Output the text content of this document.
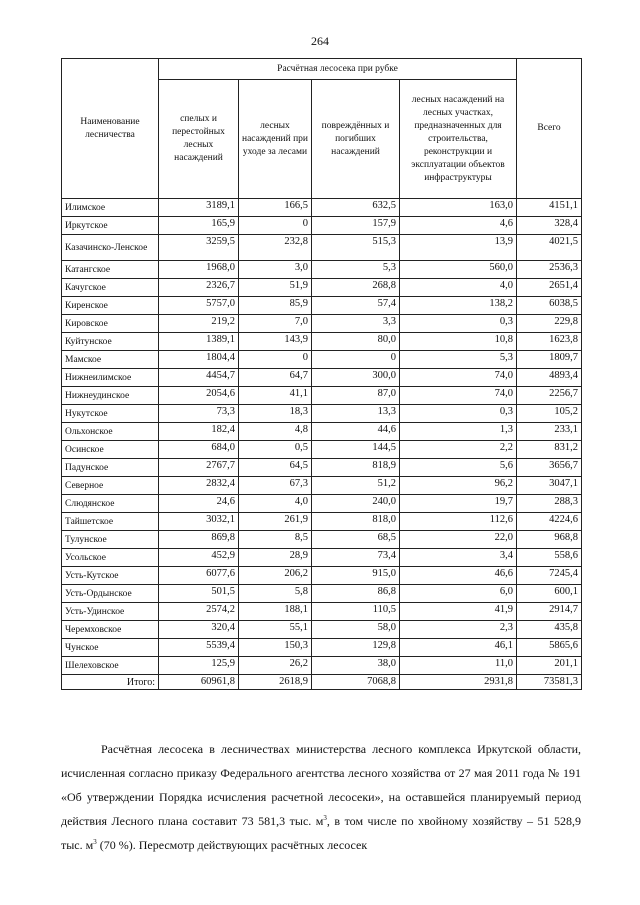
264
Наименование лесничества	Расчётная лесосека при рубке				Всего
	спелых и перестойных лесных насаждений	лесных насаждений при уходе за лесами	повреждённых и погибших насаждений	лесных насаждений на лесных участках, предназначенных для строительства, реконструкции и эксплуатации объектов инфраструктуры	
Илимское	3189,1	166,5	632,5	163,0	4151,1
Иркутское	165,9	0	157,9	4,6	328,4
Казачинско-Ленское	3259,5	232,8	515,3	13,9	4021,5
Катангское	1968,0	3,0	5,3	560,0	2536,3
Качугское	2326,7	51,9	268,8	4,0	2651,4
Киренское	5757,0	85,9	57,4	138,2	6038,5
Кировское	219,2	7,0	3,3	0,3	229,8
Куйтунское	1389,1	143,9	80,0	10,8	1623,8
Мамское	1804,4	0	0	5,3	1809,7
Нижнеилимское	4454,7	64,7	300,0	74,0	4893,4
Нижнеудинское	2054,6	41,1	87,0	74,0	2256,7
Нукутское	73,3	18,3	13,3	0,3	105,2
Ольхонское	182,4	4,8	44,6	1,3	233,1
Осинское	684,0	0,5	144,5	2,2	831,2
Падунское	2767,7	64,5	818,9	5,6	3656,7
Северное	2832,4	67,3	51,2	96,2	3047,1
Слюдянское	24,6	4,0	240,0	19,7	288,3
Тайшетское	3032,1	261,9	818,0	112,6	4224,6
Тулунское	869,8	8,5	68,5	22,0	968,8
Усольское	452,9	28,9	73,4	3,4	558,6
Усть-Кутское	6077,6	206,2	915,0	46,6	7245,4
Усть-Ордынское	501,5	5,8	86,8	6,0	600,1
Усть-Удинское	2574,2	188,1	110,5	41,9	2914,7
Черемховское	320,4	55,1	58,0	2,3	435,8
Чунское	5539,4	150,3	129,8	46,1	5865,6
Шелеховское	125,9	26,2	38,0	11,0	201,1
Итого:	60961,8	2618,9	7068,8	2931,8	73581,3
Расчётная лесосека в лесничествах министерства лесного комплекса Иркутской области, исчисленная согласно приказу Федерального агентства лесного хозяйства от 27 мая 2011 года № 191 «Об утверждении Порядка исчисления расчетной лесосеки», на оставшейся планируемый период действия Лесного плана составит 73 581,3 тыс. $м^3$, в том числе по хвойному хозяйству – 51 528,9 тыс. $м^3$ (70 %). Пересмотр действующих расчётных лесосек
